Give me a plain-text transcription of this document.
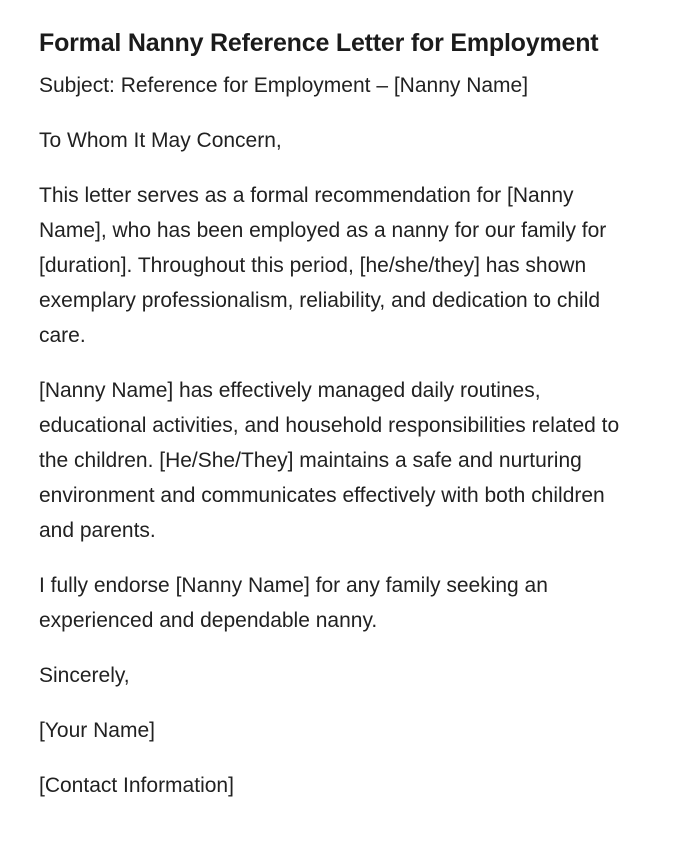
Formal Nanny Reference Letter for Employment

Subject: Reference for Employment – [Nanny Name]

To Whom It May Concern,

This letter serves as a formal recommendation for [Nanny Name], who has been employed as a nanny for our family for [duration]. Throughout this period, [he/she/they] has shown exemplary professionalism, reliability, and dedication to child care.

[Nanny Name] has effectively managed daily routines, educational activities, and household responsibilities related to the children. [He/She/They] maintains a safe and nurturing environment and communicates effectively with both children and parents.

I fully endorse [Nanny Name] for any family seeking an experienced and dependable nanny.

Sincerely,

[Your Name]

[Contact Information]
